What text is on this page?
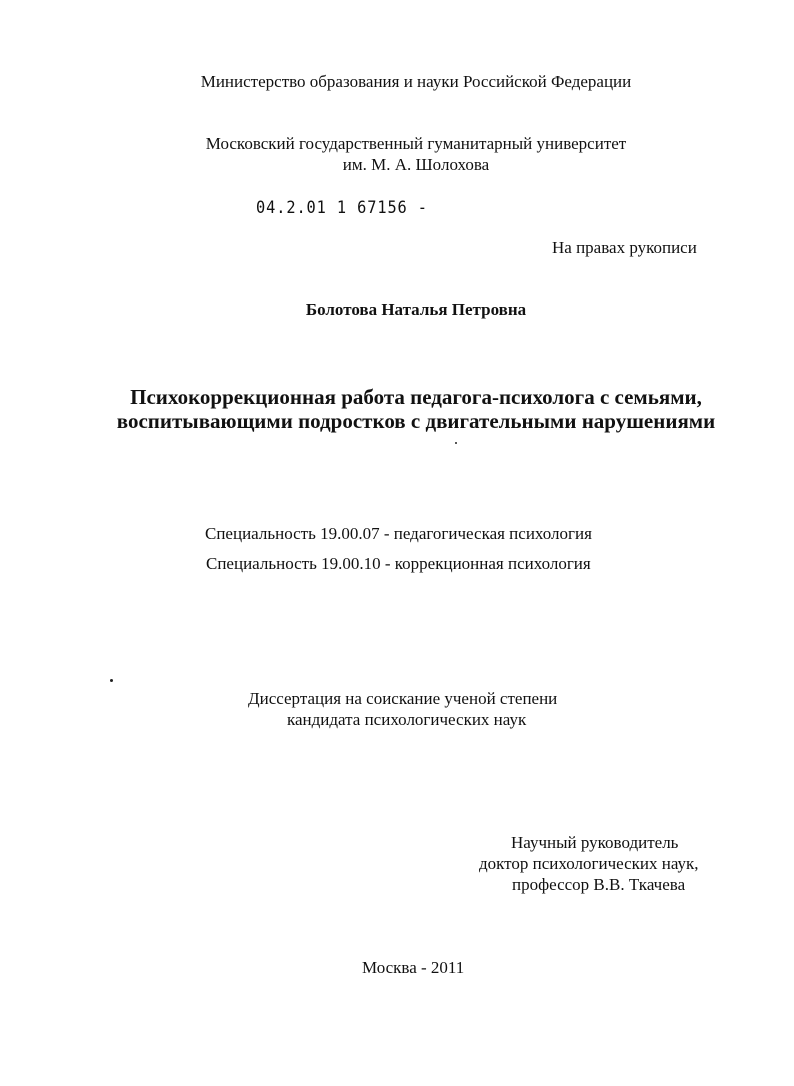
Министерство образования и науки Российской Федерации
Московский государственный гуманитарный университет
им. М. А. Шолохова
04.2.01 1 67156 -
На правах рукописи
Болотова Наталья Петровна
Психокоррекционная работа педагога-психолога с семьями,
воспитывающими подростков с двигательными нарушениями
Специальность 19.00.07 - педагогическая психология
Специальность 19.00.10 - коррекционная психология
Диссертация на соискание ученой степени
кандидата психологических наук
Научный руководитель
доктор психологических наук,
профессор В.В. Ткачева
Москва - 2011
